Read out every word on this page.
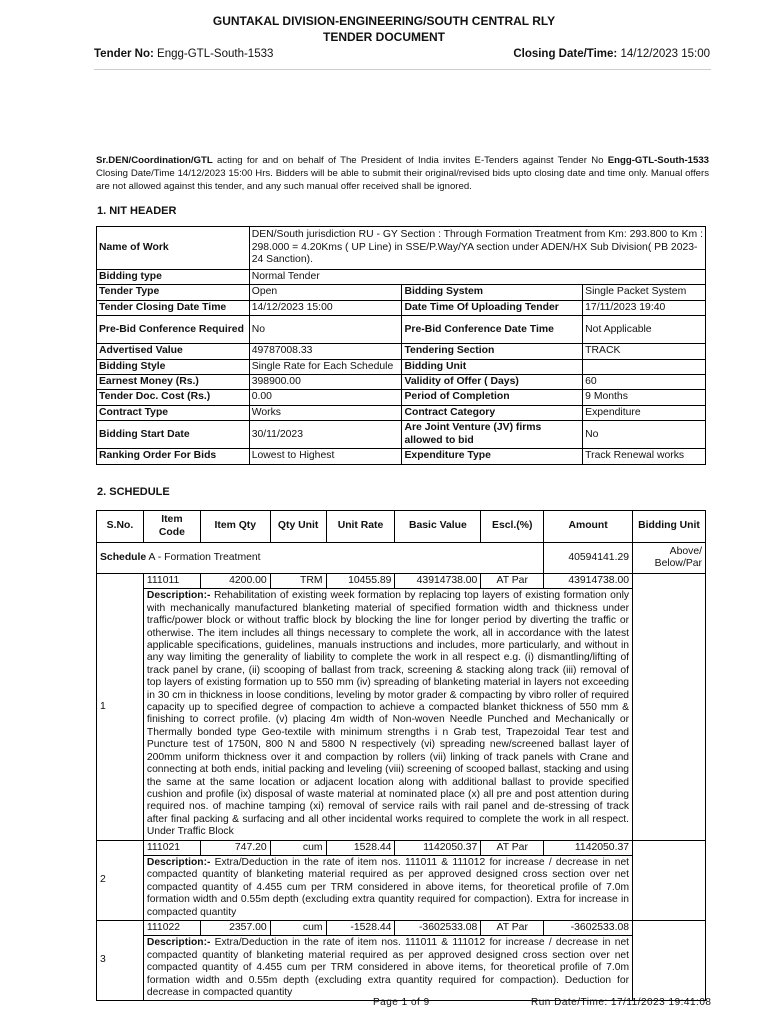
GUNTAKAL DIVISION-ENGINEERING/SOUTH CENTRAL RLY
TENDER DOCUMENT
Tender No: Engg-GTL-South-1533	Closing Date/Time: 14/12/2023 15:00
Sr.DEN/Coordination/GTL acting for and on behalf of The President of India invites E-Tenders against Tender No Engg-GTL-South-1533 Closing Date/Time 14/12/2023 15:00 Hrs. Bidders will be able to submit their original/revised bids upto closing date and time only. Manual offers are not allowed against this tender, and any such manual offer received shall be ignored.
1. NIT HEADER
Name of Work	DEN/South jurisdiction RU - GY Section : Through Formation Treatment from Km: 293.800 to Km : 298.000 = 4.20Kms ( UP Line) in SSE/P.Way/YA section under ADEN/HX Sub Division( PB 2023-24 Sanction).		
Bidding type	Normal Tender		
Tender Type	Open	Bidding System	Single Packet System
Tender Closing Date Time	14/12/2023 15:00	Date Time Of Uploading Tender	17/11/2023 19:40
Pre-Bid Conference Required	No	Pre-Bid Conference Date Time	Not Applicable
Advertised Value	49787008.33	Tendering Section	TRACK
Bidding Style	Single Rate for Each Schedule	Bidding Unit	
Earnest Money (Rs.)	398900.00	Validity of Offer ( Days)	60
Tender Doc. Cost (Rs.)	0.00	Period of Completion	9 Months
Contract Type	Works	Contract Category	Expenditure
Bidding Start Date	30/11/2023	Are Joint Venture (JV) firms allowed to bid	No
Ranking Order For Bids	Lowest to Highest	Expenditure Type	Track Renewal works
2. SCHEDULE
S.No.	Item Code	Item Qty	Qty Unit	Unit Rate	Basic Value	Escl.(%)	Amount	Bidding Unit
Schedule A - Formation Treatment							40594141.29	Above/ Below/Par
1	111011	4200.00	TRM	10455.89	43914738.00	AT Par	43914738.00	
	Description:- Rehabilitation of existing week formation by replacing top layers of existing formation only with mechanically manufactured blanketing material of specified formation width and thickness under traffic/power block or without traffic block by blocking the line for longer period by diverting the traffic or otherwise. The item includes all things necessary to complete the work, all in accordance with the latest applicable specifications, guidelines, manuals instructions and includes, more particularly, and without in any way limiting the generality of liability to complete the work in all respect e.g. (i) dismantling/lifting of track panel by crane, (ii) scooping of ballast from track, screening & stacking along track (iii) removal of top layers of existing formation up to 550 mm (iv) spreading of blanketing material in layers not exceeding in 30 cm in thickness in loose conditions, leveling by motor grader & compacting by vibro roller of required capacity up to specified degree of compaction to achieve a compacted blanket thickness of 550 mm & finishing to correct profile. (v) placing 4m width of Non-woven Needle Punched and Mechanically or Thermally bonded type Geo-textile with minimum strengths i n Grab test, Trapezoidal Tear test and Puncture test of 1750N, 800 N and 5800 N respectively (vi) spreading new/screened ballast layer of 200mm uniform thickness over it and compaction by rollers (vii) linking of track panels with Crane and connecting at both ends, initial packing and leveling (viii) screening of scooped ballast, stacking and using the same at the same location or adjacent location along with additional ballast to provide specified cushion and profile (ix) disposal of waste material at nominated place (x) all pre and post attention during required nos. of machine tamping (xi) removal of service rails with rail panel and de-stressing of track after final packing & surfacing and all other incidental works required to complete the work in all respect. Under Traffic Block							
2	111021	747.20	cum	1528.44	1142050.37	AT Par	1142050.37	
	Description:- Extra/Deduction in the rate of item nos. 111011 & 111012 for increase / decrease in net compacted quantity of blanketing material required as per approved designed cross section over net compacted quantity of 4.455 cum per TRM considered in above items, for theoretical profile of 7.0m formation width and 0.55m depth (excluding extra quantity required for compaction). Extra for increase in compacted quantity							
3	111022	2357.00	cum	-1528.44	-3602533.08	AT Par	-3602533.08	
	Description:- Extra/Deduction in the rate of item nos. 111011 & 111012 for increase / decrease in net compacted quantity of blanketing material required as per approved designed cross section over net compacted quantity of 4.455 cum per TRM considered in above items, for theoretical profile of 7.0m formation width and 0.55m depth (excluding extra quantity required for compaction). Deduction for decrease in compacted quantity							
Page 1 of 9	Run Date/Time: 17/11/2023 19:41:08
